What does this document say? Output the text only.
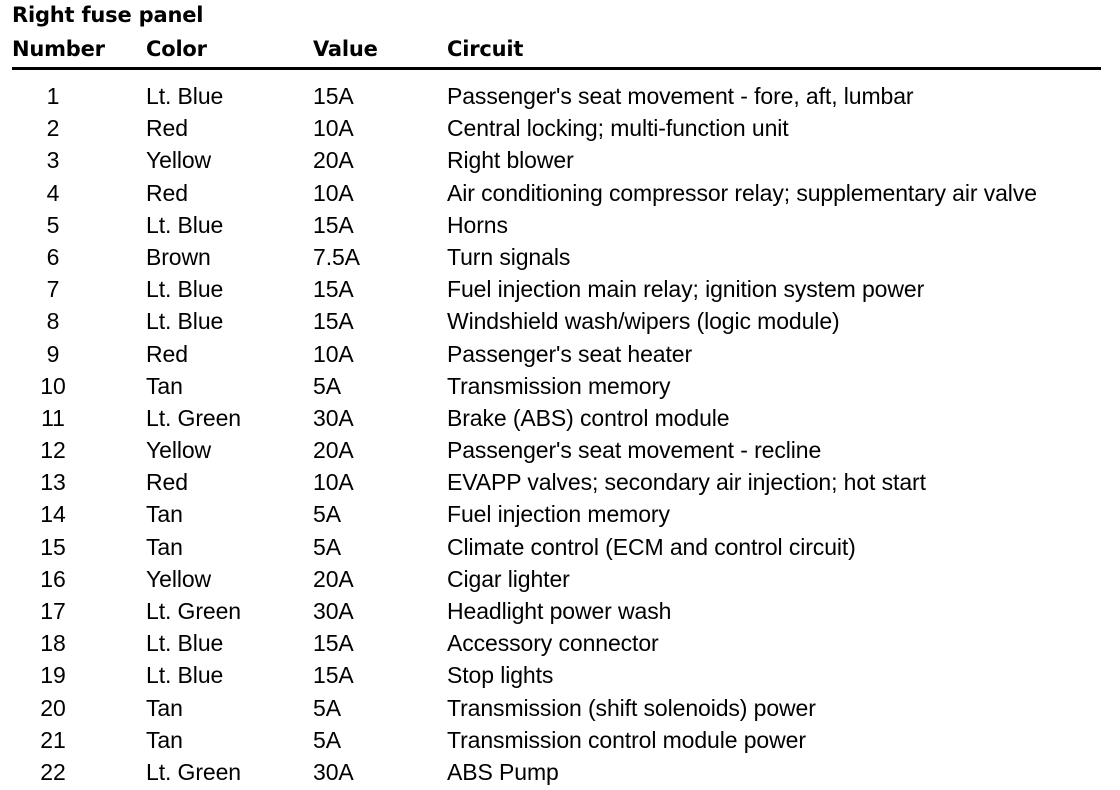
Right fuse panel
Number Color	Value	Circuit
1	Lt. Blue	15A	Passenger's seat movement - fore, aft, lumbar
2	Red	10A	Central locking; multi-function unit
3	Yellow	20A	Right blower
4	Red	10A	Air conditioning compressor relay; supplementary air valve
5	Lt. Blue	15A	Horns
6	Brown	7.5A	Turn signals
7	Lt. Blue	15A	Fuel injection main relay; ignition system power
8	Lt. Blue	15A	Windshield wash/wipers (logic module)
9	Red	10A	Passenger's seat heater
10	Tan	5A	Transmission memory
11	Lt. Green	30A	Brake (ABS) control module
12	Yellow	20A	Passenger's seat movement - recline
13	Red	10A	EVAPP valves; secondary air injection; hot start
14	Tan	5A	Fuel injection memory
15	Tan	5A	Climate control (ECM and control circuit)
16	Yellow	20A	Cigar lighter
17	Lt. Green	30A	Headlight power wash
18	Lt. Blue	15A	Accessory connector
19	Lt. Blue	15A	Stop lights
20	Tan	5A	Transmission (shift solenoids) power
21	Tan	5A	Transmission control module power
22	Lt. Green	30A	ABS Pump
